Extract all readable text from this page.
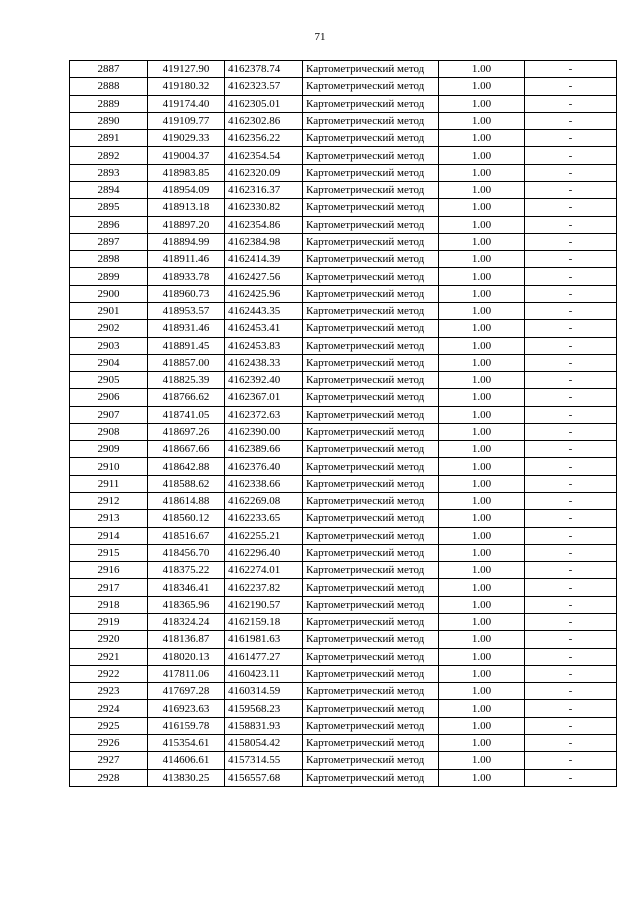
71
2887	419127.90	4162378.74	Картометрический метод	1.00	-
2888	419180.32	4162323.57	Картометрический метод	1.00	-
2889	419174.40	4162305.01	Картометрический метод	1.00	-
2890	419109.77	4162302.86	Картометрический метод	1.00	-
2891	419029.33	4162356.22	Картометрический метод	1.00	-
2892	419004.37	4162354.54	Картометрический метод	1.00	-
2893	418983.85	4162320.09	Картометрический метод	1.00	-
2894	418954.09	4162316.37	Картометрический метод	1.00	-
2895	418913.18	4162330.82	Картометрический метод	1.00	-
2896	418897.20	4162354.86	Картометрический метод	1.00	-
2897	418894.99	4162384.98	Картометрический метод	1.00	-
2898	418911.46	4162414.39	Картометрический метод	1.00	-
2899	418933.78	4162427.56	Картометрический метод	1.00	-
2900	418960.73	4162425.96	Картометрический метод	1.00	-
2901	418953.57	4162443.35	Картометрический метод	1.00	-
2902	418931.46	4162453.41	Картометрический метод	1.00	-
2903	418891.45	4162453.83	Картометрический метод	1.00	-
2904	418857.00	4162438.33	Картометрический метод	1.00	-
2905	418825.39	4162392.40	Картометрический метод	1.00	-
2906	418766.62	4162367.01	Картометрический метод	1.00	-
2907	418741.05	4162372.63	Картометрический метод	1.00	-
2908	418697.26	4162390.00	Картометрический метод	1.00	-
2909	418667.66	4162389.66	Картометрический метод	1.00	-
2910	418642.88	4162376.40	Картометрический метод	1.00	-
2911	418588.62	4162338.66	Картометрический метод	1.00	-
2912	418614.88	4162269.08	Картометрический метод	1.00	-
2913	418560.12	4162233.65	Картометрический метод	1.00	-
2914	418516.67	4162255.21	Картометрический метод	1.00	-
2915	418456.70	4162296.40	Картометрический метод	1.00	-
2916	418375.22	4162274.01	Картометрический метод	1.00	-
2917	418346.41	4162237.82	Картометрический метод	1.00	-
2918	418365.96	4162190.57	Картометрический метод	1.00	-
2919	418324.24	4162159.18	Картометрический метод	1.00	-
2920	418136.87	4161981.63	Картометрический метод	1.00	-
2921	418020.13	4161477.27	Картометрический метод	1.00	-
2922	417811.06	4160423.11	Картометрический метод	1.00	-
2923	417697.28	4160314.59	Картометрический метод	1.00	-
2924	416923.63	4159568.23	Картометрический метод	1.00	-
2925	416159.78	4158831.93	Картометрический метод	1.00	-
2926	415354.61	4158054.42	Картометрический метод	1.00	-
2927	414606.61	4157314.55	Картометрический метод	1.00	-
2928	413830.25	4156557.68	Картометрический метод	1.00	-
